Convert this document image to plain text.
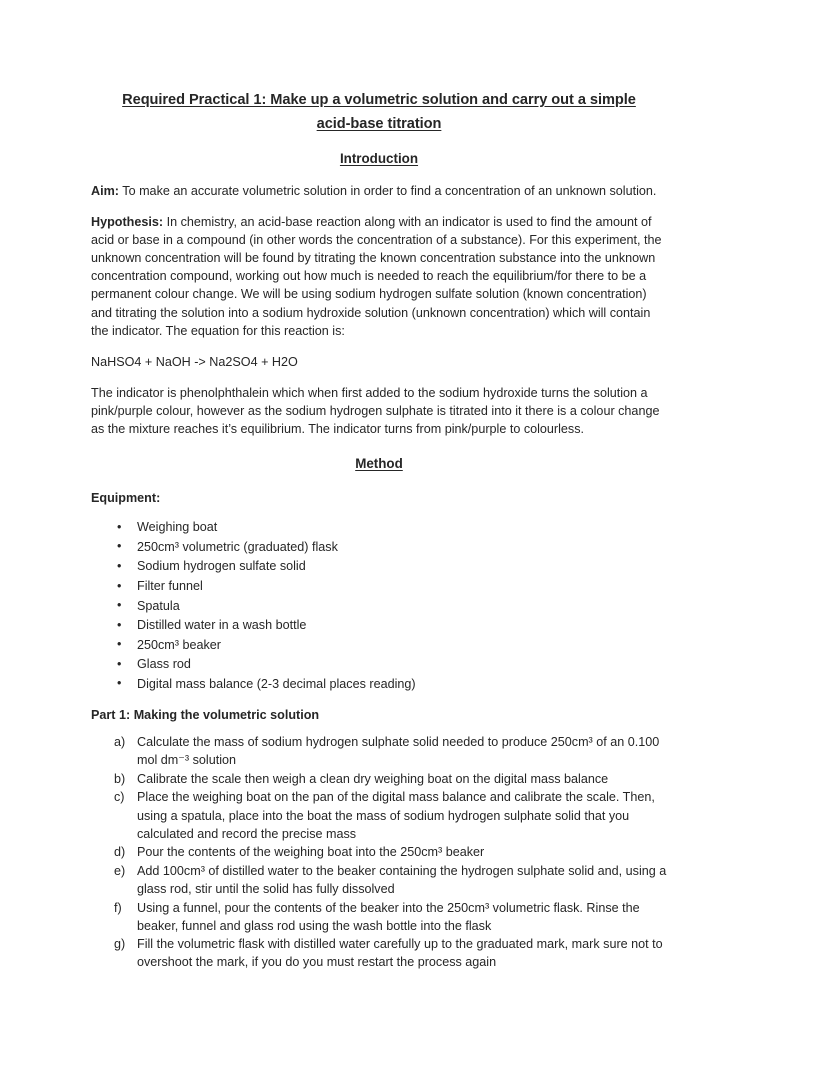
Required Practical 1: Make up a volumetric solution and carry out a simple
acid-base titration
Introduction

Aim: To make an accurate volumetric solution in order to find a concentration of an unknown solution.

Hypothesis: In chemistry, an acid-base reaction along with an indicator is used to find the amount of acid or base in a compound (in other words the concentration of a substance). For this experiment, the unknown concentration will be found by titrating the known concentration substance into the unknown concentration compound, working out how much is needed to reach the equilibrium/for there to be a permanent colour change. We will be using sodium hydrogen sulfate solution (known concentration) and titrating the solution into a sodium hydroxide solution (unknown concentration) which will contain the indicator. The equation for this reaction is:

NaHSO4 + NaOH -> Na2SO4 + H2O

The indicator is phenolphthalein which when first added to the sodium hydroxide turns the solution a pink/purple colour, however as the sodium hydrogen sulphate is titrated into it there is a colour change as the mixture reaches it’s equilibrium. The indicator turns from pink/purple to colourless.

Method

Equipment:

• Weighing boat
• 250cm³ volumetric (graduated) flask
• Sodium hydrogen sulfate solid
• Filter funnel
• Spatula
• Distilled water in a wash bottle
• 250cm³ beaker
• Glass rod
• Digital mass balance (2-3 decimal places reading)

Part 1: Making the volumetric solution

Calculate the mass of sodium hydrogen sulphate solid needed to produce 250cm³ of an 0.100 mol dm⁻³ solution
Calibrate the scale then weigh a clean dry weighing boat on the digital mass balance
Place the weighing boat on the pan of the digital mass balance and calibrate the scale. Then, using a spatula, place into the boat the mass of sodium hydrogen sulphate solid that you calculated and record the precise mass
Pour the contents of the weighing boat into the 250cm³ beaker
Add 100cm³ of distilled water to the beaker containing the hydrogen sulphate solid and, using a glass rod, stir until the solid has fully dissolved
Using a funnel, pour the contents of the beaker into the 250cm³ volumetric flask. Rinse the beaker, funnel and glass rod using the wash bottle into the flask
Fill the volumetric flask with distilled water carefully up to the graduated mark, mark sure not to overshoot the mark, if you do you must restart the process again
